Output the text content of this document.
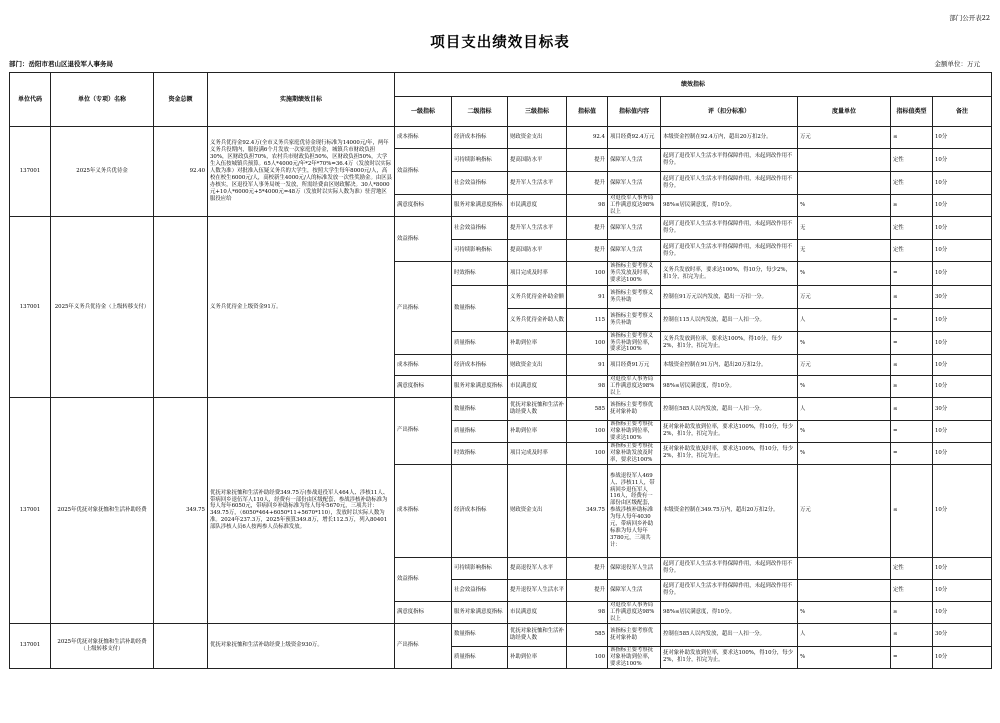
部门公开表22
项目支出绩效目标表
部门：岳阳市君山区退役军人事务局	金额单位：万元
单位代码	单位（专项）名称	资金总额	实施期绩效目标	绩效指标								
				一级指标	二级指标	三级指标	指标值	指标值内容	评（扣分标准）	度量单位	指标值类型	备注
137001	2025年义务兵优待金	92.40	义务兵优待金92.4万(全市义务兵家庭优待金现行标准为14000元/年，两年义务兵役期内，服役满6个月发放一次家庭优待金，城镇兵市财政负担30%，区财政负担70%，农村兵市财政负担50%，区财政负担50%，大学生入伍按城镇兵预算。65人*4000元/年*2年*70%=36.4万（发放时以实际人数为准）对批准入伍疑义务兵的大学生，按照大学生每年8000元/人，高校在校生6000元/人，高校新生4000元/人的标准发放一次性奖励金。由区县办核实，区退役军人事务局统一发放，所需经费由区财政解决。30人*8000元+10人*6000元+5*4000元=48万（发放时以实际人数为准）驻营地区服役应给	成本指标	经济成本指标	财政资金支出	92.4	项目经费92.4万元	本级资金控制在92.4万内，超出20万扣2分。	万元	≤	10分
				效益指标	可持续影响指标	提高国防水平	提升	保障军人生活	起到了退役军人生活水平得保障作用，未起到改作用不得分。		定性	10分
					社会效益指标	提升军人生活水平	提升	保障军人生活	起到了退役军人生活水平得保障作用，未起到改作用不得分。		定性	10分
				满意度指标	服务对象满意度指标	市民满意度	98	对退役军人事务局工作满意度达98%以上	98%≤居民满意度，得10分。	%	≥	10分
137001	2025年义务兵优待金（上级转移支付）		义务兵优待金上级资金91万。	效益指标	社会效益指标	提升军人生活水平	提升	保障军人生活	起到了退役军人生活水平得保障作用，未起到改作用不得分。	无	定性	10分
					可持续影响指标	提高国防水平	提升	保障军人生活	起到了退役军人生活水平得保障作用，未起到改作用不得分。	无	定性	10分
				产出指标	时效指标	项目完成及时率	100	该指标主要考察义务兵发放及时率，要求达100%	义务兵发放时率，要求达100%，得10分，每少2%，扣1分，扣完为止。	%	=	10分
					数量指标	义务兵优待金补助金额	91	该指标主要考察义务兵补助	控制在91万元以内发放，超出一万扣一分。	万元	≤	30分
						义务兵优待金补助人数	115	该指标主要考察义务兵补助	控制在115人以内发放，超出一人扣一分。	人	=	10分
					质量指标	补助到位率	100	该指标主要考察义务兵补助到位率，要求达100%	义务兵发放到位率，要求达100%，得10分，每少2%，扣1分，扣完为止。	%	=	10分
				成本指标	经济成本指标	财政资金支出	91	项目经费91万元	本级资金控制在91万内，超出20万扣2分。	万元	≤	10分
				满意度指标	服务对象满意度指标	市民满意度	98	对退役军人事务局工作满意度达98%以上	98%≤居民满意度，得10分。	%	≥	10分
137001	2025年优抚对象抚恤和生活补助经费	349.75	优抚对象抚恤和生活补助经费349.75万(参战退役军人464人、涉核11人、带病回乡退伍军人110人，经费有一部份由区级配套，参战涉核补助标准为每人每年6050元，带病回乡补助标准为每人每年5670元，三项共计：349.75万，（6050*464+6050*11+5670*110），发放时以实际人数为准。2024年237.3万，2025年预算349.8万，增长112.5万，列入80401部队涉核人员6人按两参人员标准发放。	产出指标	数量指标	优抚对象抚恤和生活补助经费人数	585	该指标主要考察优抚对象补助	控制在585人以内发放，超出一人扣一分。	人	≤	30分
					质量指标	补助到位率	100	该指标主要考察抚对象补助到位率，要求达100%	抚对象补助发放到位率，要求达100%，得10分，每少2%，扣1分，扣完为止。	%	=	10分
					时效指标	项目完成及时率	100	该指标主要考察抚对象补助发放及时率，要求达100%	抚对象补助发放及时率，要求达100%，得10分，每少2%，扣1分，扣完为止。	%	=	10分
				成本指标	经济成本指标	财政资金支出	349.75	参战退役军人469人、涉核11人，带病回乡退伍军人116人，经费有一部份由区级配套，参战涉核补助标准为每人每年4030元，带病回乡补助标准为每人每年3780元，三项共计：	本级资金控制在349.75万内，超出20万扣2分。	万元	≤	10分
				效益指标	可持续影响指标	提高退役军人水平	提升	保障退役军人生活	起到了退役军人生活水平得保障作用，未起到改作用不得分。		定性	10分
					社会效益指标	提升退役军人生活水平	提升	保障军人生活	起到了退役军人生活水平得保障作用，未起到改作用不得分。		定性	10分
				满意度指标	服务对象满意度指标	市民满意度	98	对退役军人事务局工作满意度达98%以上	98%≤居民满意度，得10分。	%	≥	10分
137001	2025年优抚对象抚恤和生活补助经费（上级转移支付）		优抚对象抚恤和生活补助经费上级资金930万。	产出指标	数量指标	优抚对象抚恤和生活补助经费人数	585	该指标主要考察优抚对象补助	控制在585人以内发放，超出一人扣一分。	人	≤	30分
					质量指标	补助到位率	100	该指标主要考察抚对象补助到位率，要求达100%	抚对象补助发放到位率，要求达100%，得10分，每少2%，扣1分，扣完为止。	%	=	10分
